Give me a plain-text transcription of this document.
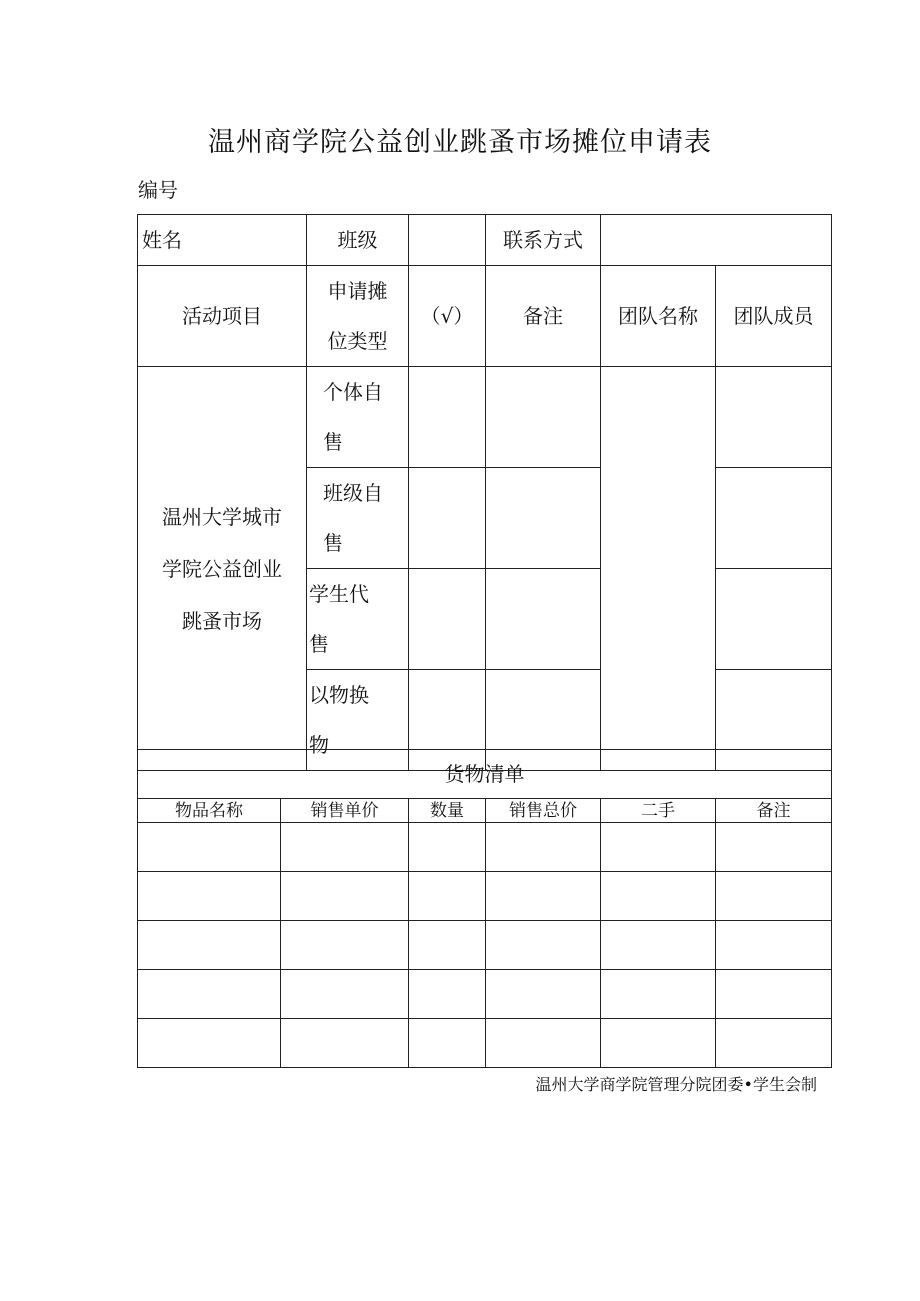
温州商学院公益创业跳蚤市场摊位申请表
编号
姓名	班级		联系方式		
活动项目	申请摊位类型	（√）	备注	团队名称	团队成员
温州大学城市学院公益创业跳蚤市场	个体自售				
	班级自售				
	学生代售				
	以物换物				
货物清单					
物品名称	销售单价	数量	销售总价	二手	备注

温州大学商学院管理分院团委•学生会制
